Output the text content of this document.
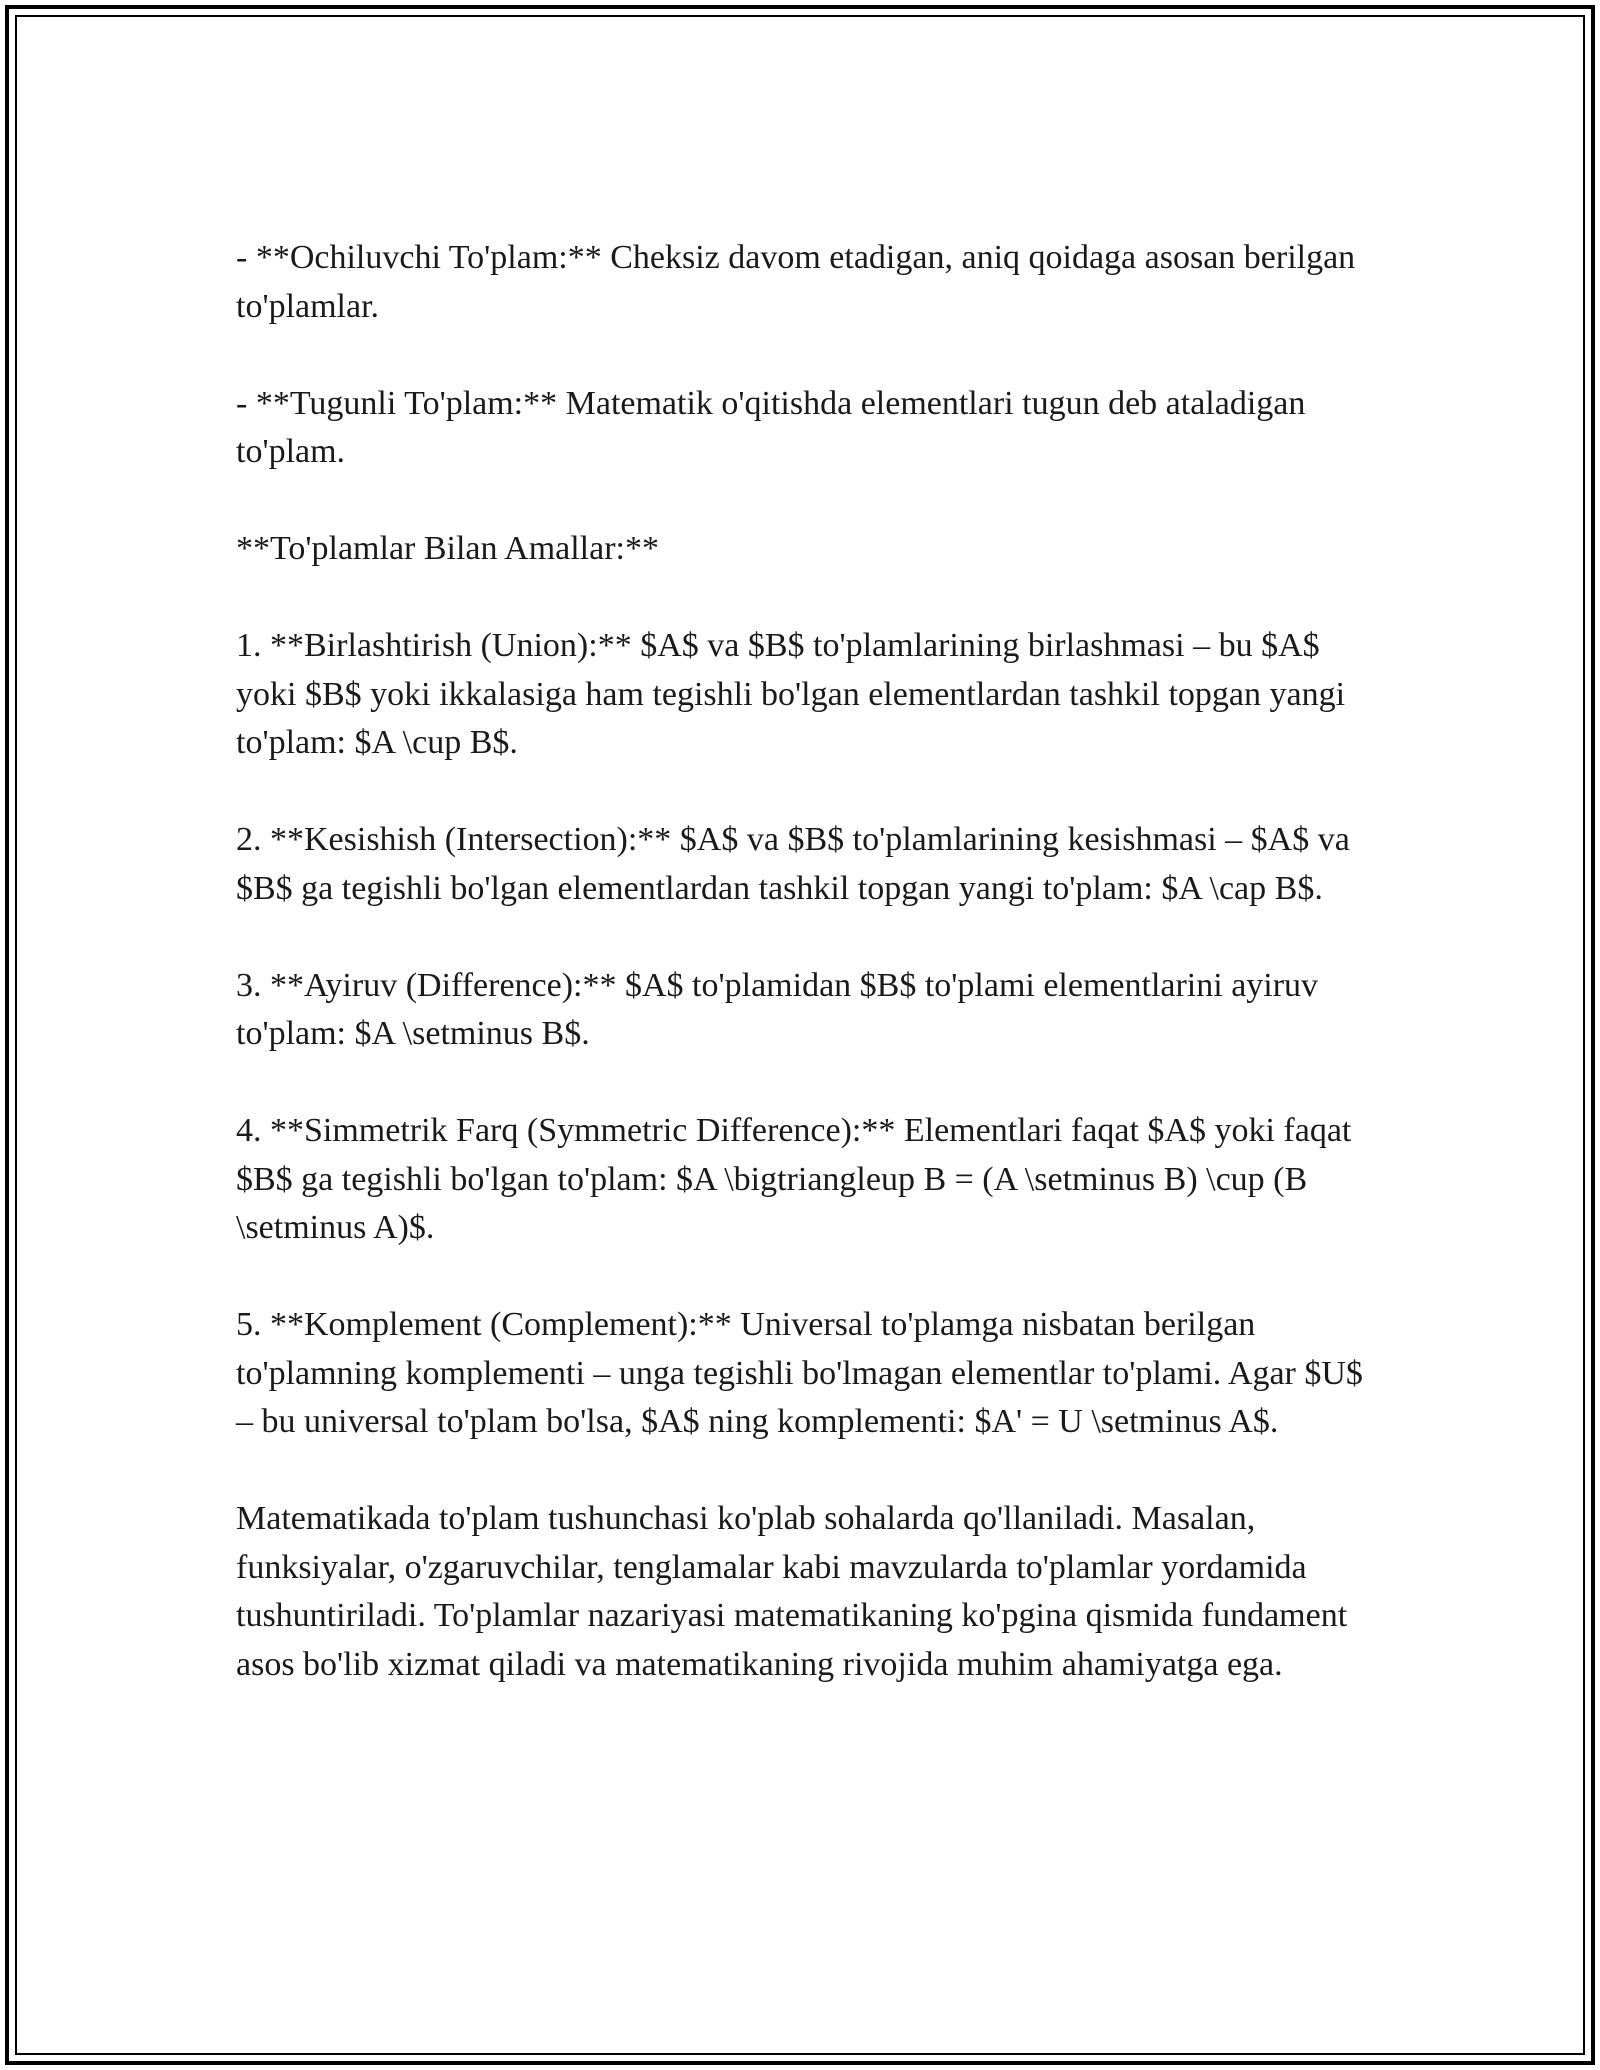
- **Ochiluvchi To'plam:** Cheksiz davom etadigan, aniq qoidaga asosan berilgan to'plamlar.

- **Tugunli To'plam:** Matematik o'qitishda elementlari tugun deb ataladigan to'plam.

**To'plamlar Bilan Amallar:**

1. **Birlashtirish (Union):** $A$ va $B$ to'plamlarining birlashmasi – bu $A$ yoki $B$ yoki ikkalasiga ham tegishli bo'lgan elementlardan tashkil topgan yangi to'plam: $A \cup B$.

2. **Kesishish (Intersection):** $A$ va $B$ to'plamlarining kesishmasi – $A$ va $B$ ga tegishli bo'lgan elementlardan tashkil topgan yangi to'plam: $A \cap B$.

3. **Ayiruv (Difference):** $A$ to'plamidan $B$ to'plami elementlarini ayiruv to'plam: $A \setminus B$.

4. **Simmetrik Farq (Symmetric Difference):** Elementlari faqat $A$ yoki faqat $B$ ga tegishli bo'lgan to'plam: $A \bigtriangleup B = (A \setminus B) \cup (B \setminus A)$.

5. **Komplement (Complement):** Universal to'plamga nisbatan berilgan to'plamning komplementi – unga tegishli bo'lmagan elementlar to'plami. Agar $U$ – bu universal to'plam bo'lsa, $A$ ning komplementi: $A' = U \setminus A$.

Matematikada to'plam tushunchasi ko'plab sohalarda qo'llaniladi. Masalan, funksiyalar, o'zgaruvchilar, tenglamalar kabi mavzularda to'plamlar yordamida tushuntiriladi. To'plamlar nazariyasi matematikaning ko'pgina qismida fundament asos bo'lib xizmat qiladi va matematikaning rivojida muhim ahamiyatga ega.
